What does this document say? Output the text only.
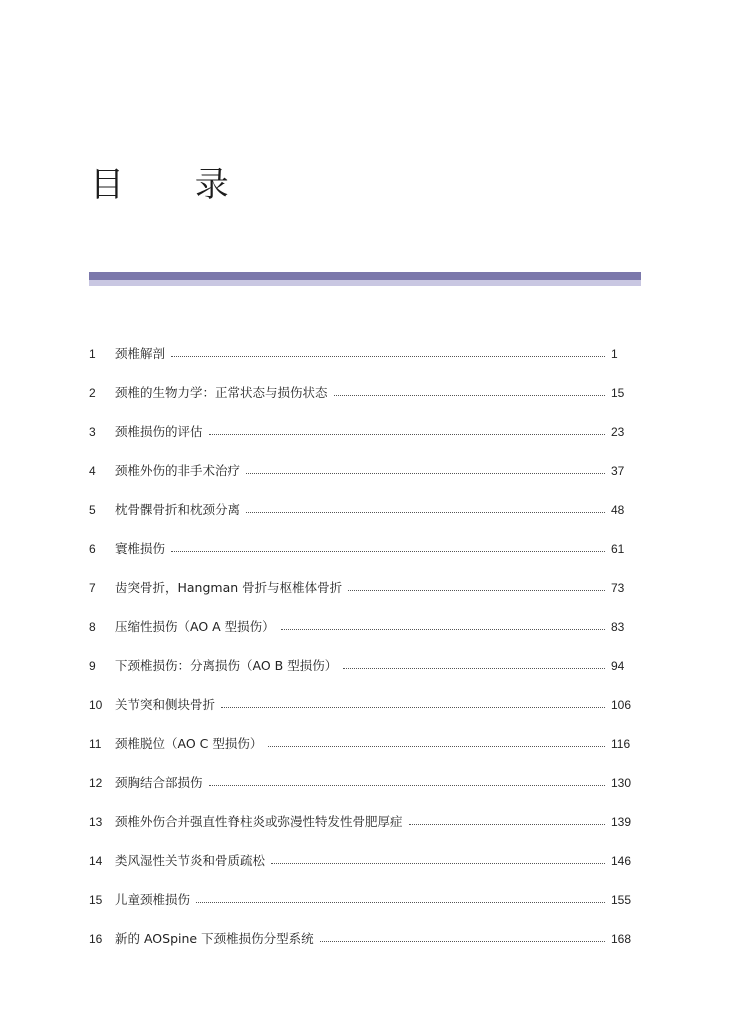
目 录
1	颈椎解剖	1
2	颈椎的生物力学：正常状态与损伤状态	15
3	颈椎损伤的评估	23
4	颈椎外伤的非手术治疗	37
5	枕骨髁骨折和枕颈分离	48
6	寰椎损伤	61
7	齿突骨折，Hangman 骨折与枢椎体骨折	73
8	压缩性损伤（AO A 型损伤）	83
9	下颈椎损伤：分离损伤（AO B 型损伤）	94
10	关节突和侧块骨折	106
11	颈椎脱位（AO C 型损伤）	116
12	颈胸结合部损伤	130
13	颈椎外伤合并强直性脊柱炎或弥漫性特发性骨肥厚症	139
14	类风湿性关节炎和骨质疏松	146
15	儿童颈椎损伤	155
16	新的 AOSpine 下颈椎损伤分型系统	168
